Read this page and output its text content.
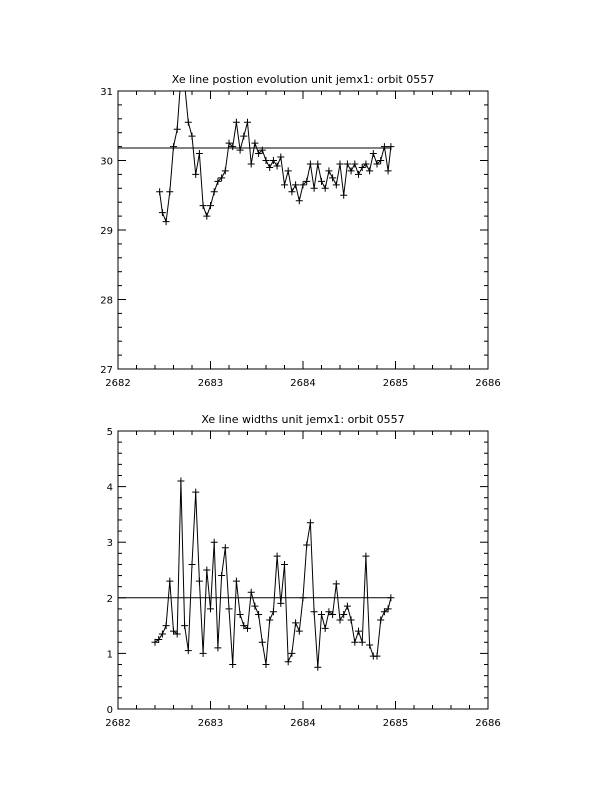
Xe line postion evolution unit jemx1: orbit 0557
2682	2683	2684	2685	2686
27
28
29
30
31
Xe line widths unit jemx1: orbit 0557
2682	2683	2684	2685	2686
0
1
2
3
4
5
